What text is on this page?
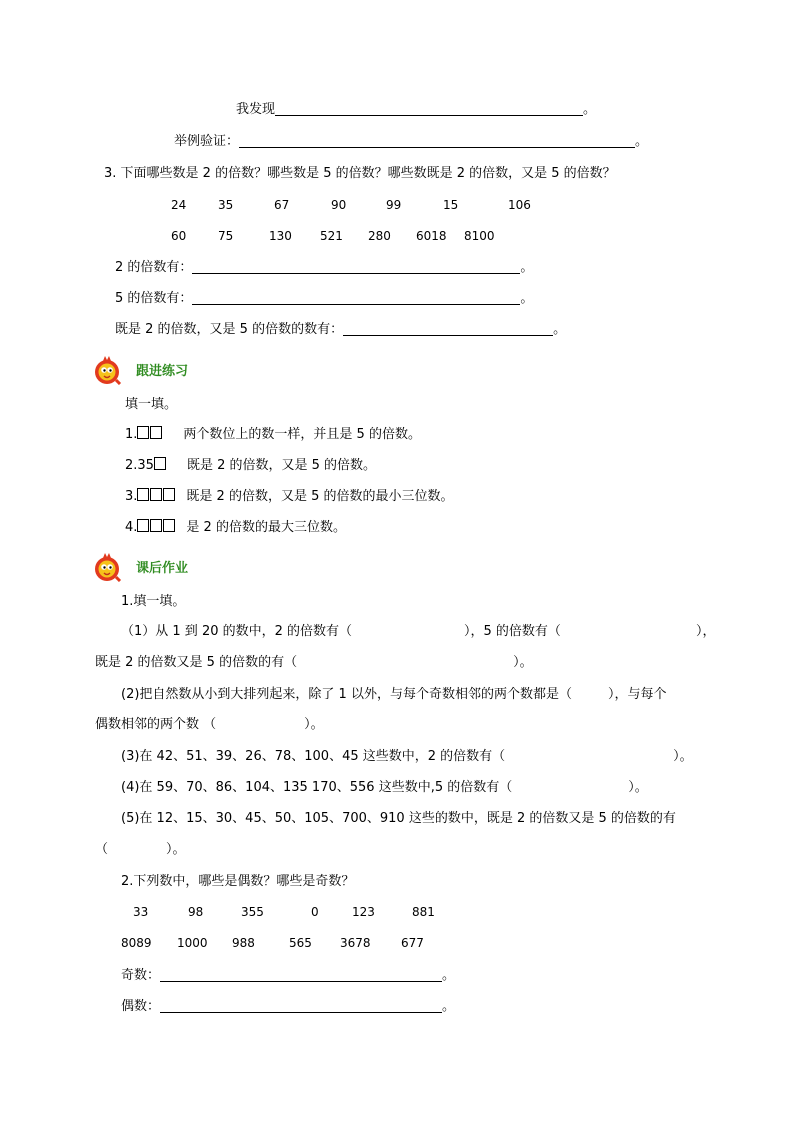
我发现	。
举例验证：	。
3. 下面哪些数是 2 的倍数？哪些数是 5 的倍数？哪些数既是 2 的倍数，又是 5 的倍数？
24	35	67	90	99	15	106
60	75	130 521 280 6018 8100
2 的倍数有：	。
5 的倍数有：	。
既是 2 的倍数，又是 5 的倍数的数有：	。
跟进练习
填一填。
1.	两个数位上的数一样，并且是 5 的倍数。
2.35	既是 2 的倍数，又是 5 的倍数。
3.	既是 2 的倍数，又是 5 的倍数的最小三位数。
4.	是 2 的倍数的最大三位数。
课后作业
1.填一填。
（1）从 1 到 20 的数中，2 的倍数有（	），5 的倍数有（	），
既是 2 的倍数又是 5 的倍数的有（	）。
(2)把自然数从小到大排列起来，除了 1 以外，与每个奇数相邻的两个数都是（	），与每个
偶数相邻的两个数 （	）。
(3)在 42、51、39、26、78、100、45 这些数中，2 的倍数有（	）。
(4)在 59、70、86、104、135 170、556 这些数中,5 的倍数有（	）。
(5)在 12、15、30、45、50、105、700、910 这些的数中，既是 2 的倍数又是 5 的倍数的有
（	）。
2.下列数中，哪些是偶数？哪些是奇数？
33	98	355	0	123	881
8089 1000 988	565 3678	677
奇数：	。
偶数：	。
